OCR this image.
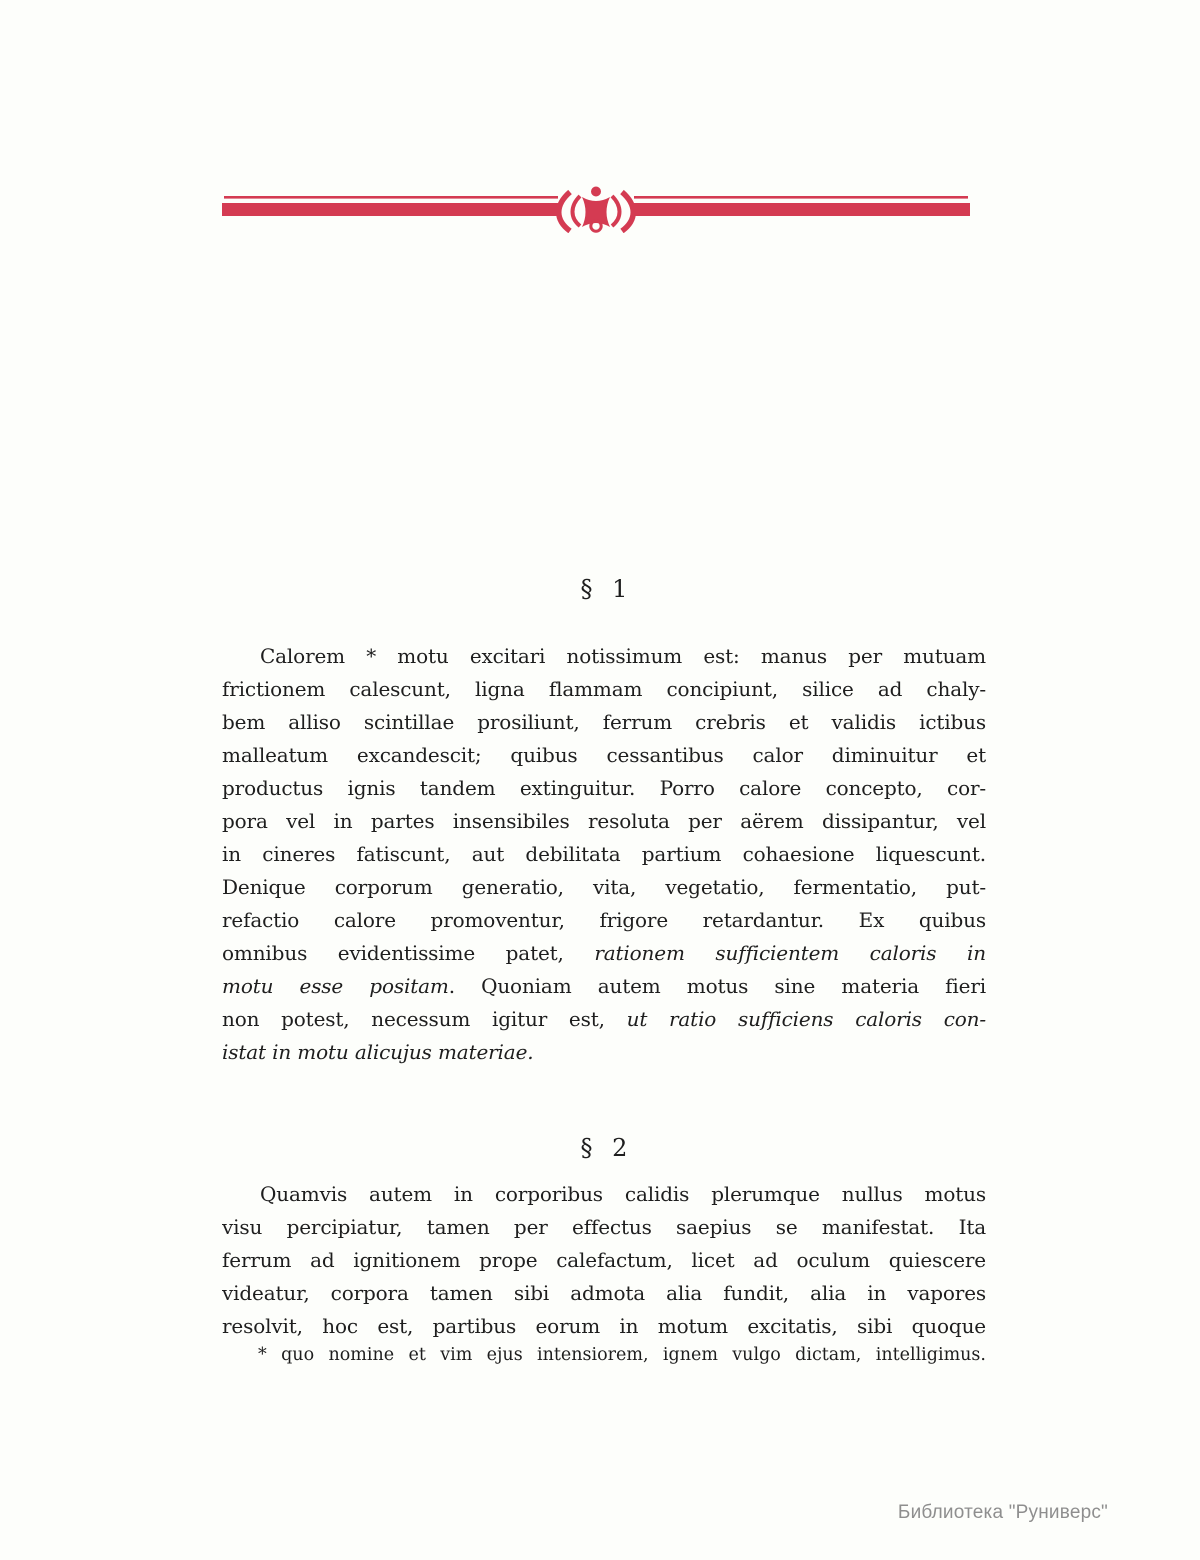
§ 1
Calorem * motu excitari notissimum est: manus per mutuam
frictionem calescunt, ligna flammam concipiunt, silice ad chaly-
bem alliso scintillae prosiliunt, ferrum crebris et validis ictibus
malleatum excandescit; quibus cessantibus calor diminuitur et
productus ignis tandem extinguitur. Porro calore concepto, cor-
pora vel in partes insensibiles resoluta per aërem dissipantur, vel
in cineres fatiscunt, aut debilitata partium cohaesione liquescunt.
Denique corporum generatio, vita, vegetatio, fermentatio, put-
refactio calore promoventur, frigore retardantur. Ex quibus
omnibus evidentissime patet, rationem sufficientem caloris in
motu esse positam. Quoniam autem motus sine materia fieri
non potest, necessum igitur est, ut ratio sufficiens caloris con-
istat in motu alicujus materiae.
§ 2
Quamvis autem in corporibus calidis plerumque nullus motus
visu percipiatur, tamen per effectus saepius se manifestat. Ita
ferrum ad ignitionem prope calefactum, licet ad oculum quiescere
videatur, corpora tamen sibi admota alia fundit, alia in vapores
resolvit, hoc est, partibus eorum in motum excitatis, sibi quoque
* quo nomine et vim ejus intensiorem, ignem vulgo dictam, intelligimus.
Библиотека "Руниверс"
